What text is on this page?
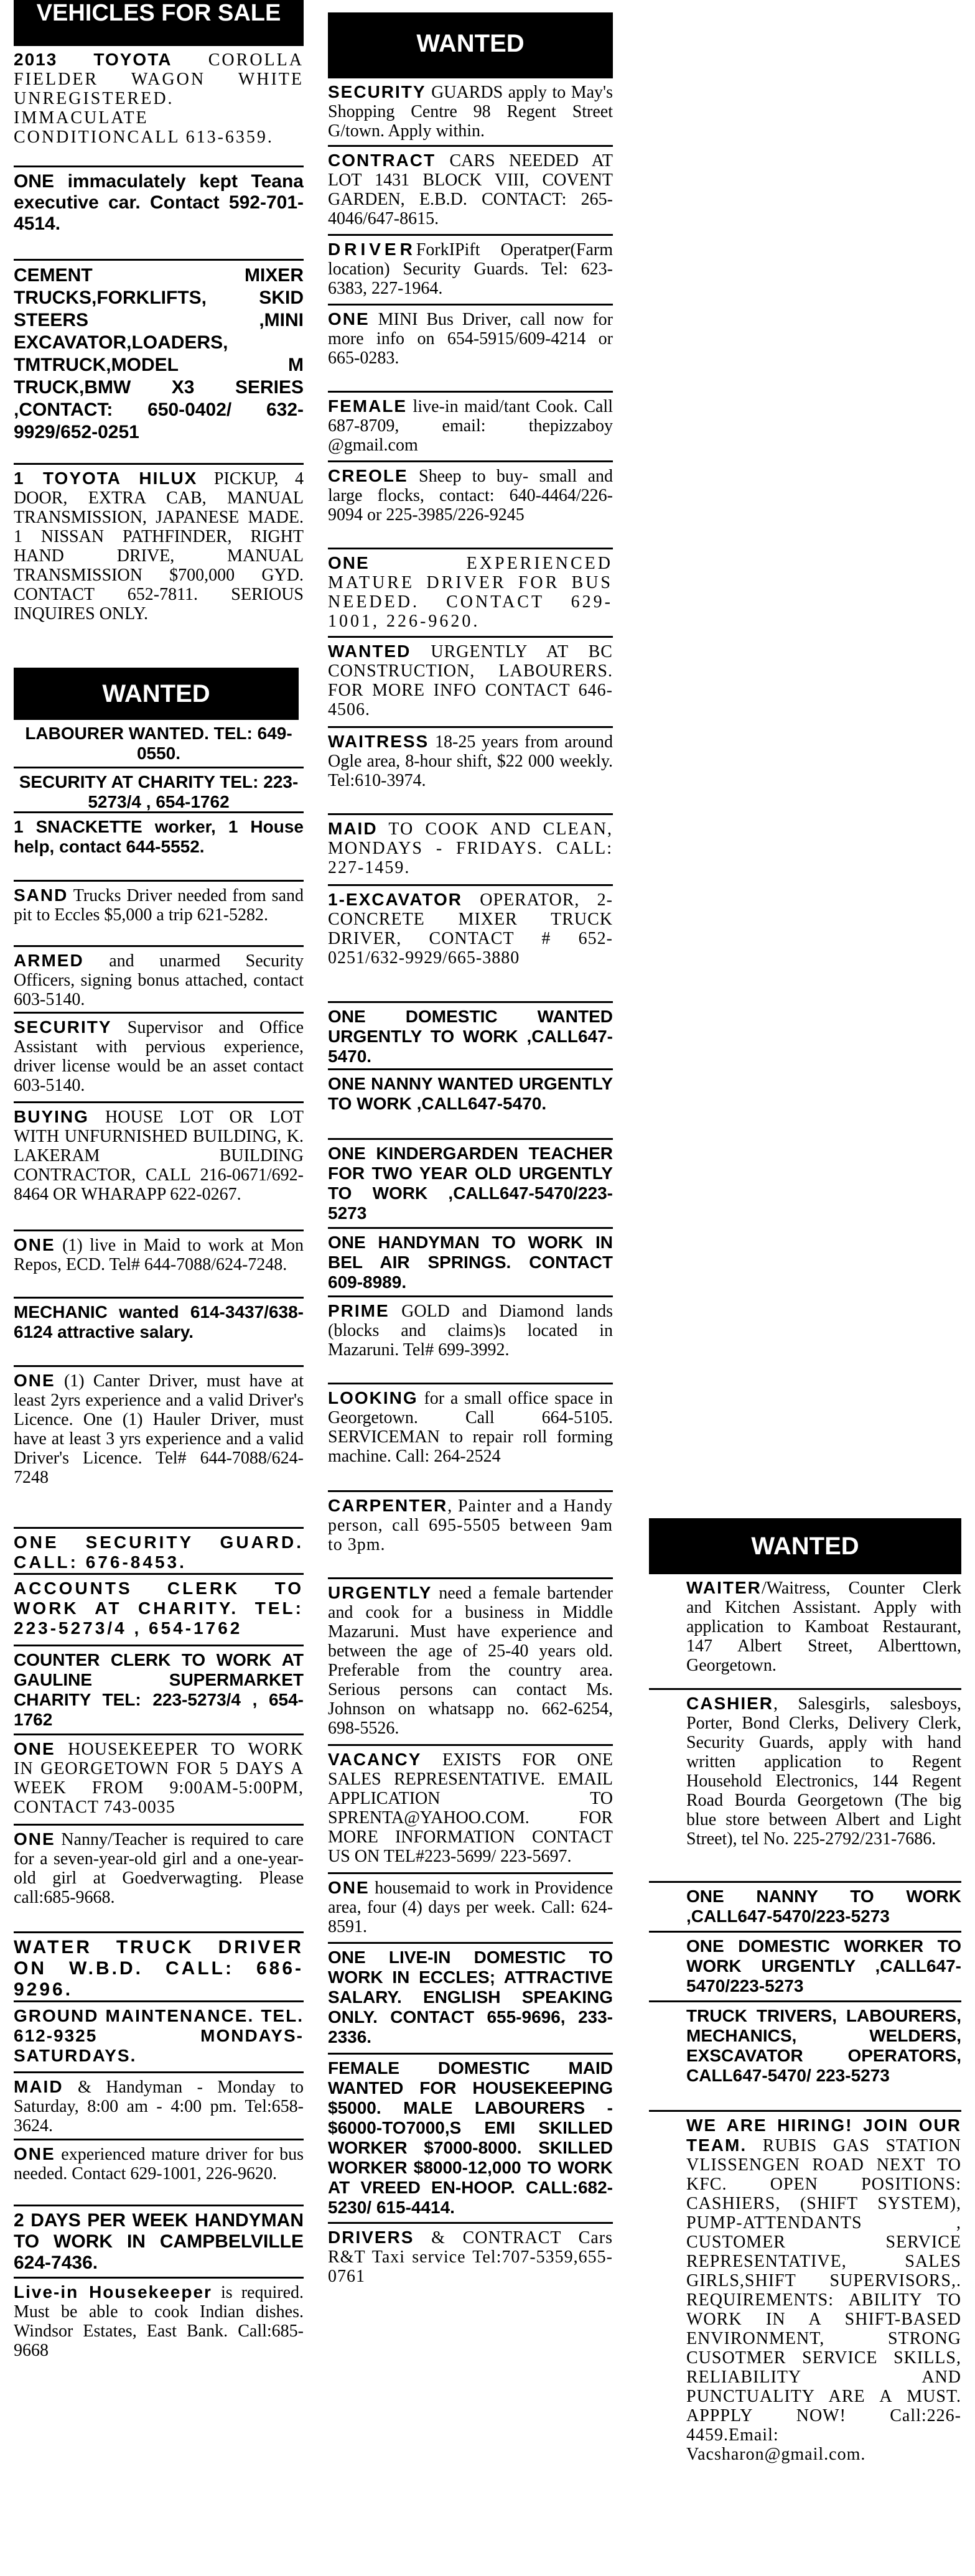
VEHICLES FOR SALE
2013 TOYOTA COROLLA FIELDER WAGON WHITE UNREGISTERED. IMMACULATE CONDITIONCALL 613-6359.
ONE immaculately kept Teana executive car. Contact 592-701-4514.
CEMENT MIXER TRUCKS,FORKLIFTS, SKID STEERS ,MINI EXCAVATOR,LOADERS, TMTRUCK,MODEL M TRUCK,BMW X3 SERIES ,CONTACT: 650-0402/ 632-9929/652-0251
1 TOYOTA HILUX PICKUP, 4 DOOR, EXTRA CAB, MANUAL TRANSMISSION, JAPANESE MADE. 1 NISSAN PATHFINDER, RIGHT HAND DRIVE, MANUAL TRANSMISSION $700,000 GYD. CONTACT 652-7811. SERIOUS INQUIRES ONLY.
WANTED
LABOURER WANTED. TEL: 649-0550.
SECURITY AT CHARITY TEL: 223-5273/4 , 654-1762
1 SNACKETTE worker, 1 House help, contact 644-5552.
SAND Trucks Driver needed from sand pit to Eccles $5,000 a trip 621-5282.
ARMED and unarmed Security Officers, signing bonus attached, contact 603-5140.
SECURITY Supervisor and Office Assistant with pervious experience, driver license would be an asset contact 603-5140.
BUYING HOUSE LOT OR LOT WITH UNFURNISHED BUILDING, K. LAKERAM BUILDING CONTRACTOR, CALL 216-0671/692-8464 OR WHARAPP 622-0267.
ONE (1) live in Maid to work at Mon Repos, ECD. Tel# 644-7088/624-7248.
MECHANIC wanted 614-3437/638-6124 attractive salary.
ONE (1) Canter Driver, must have at least 2yrs experience and a valid Driver's Licence. One (1) Hauler Driver, must have at least 3 yrs experience and a valid Driver's Licence. Tel# 644-7088/624-7248
ONE SECURITY GUARD. CALL: 676-8453.
ACCOUNTS CLERK TO WORK AT CHARITY. TEL: 223-5273/4 , 654-1762
COUNTER CLERK TO WORK AT GAULINE SUPERMARKET CHARITY TEL: 223-5273/4 , 654-1762
ONE HOUSEKEEPER TO WORK IN GEORGETOWN FOR 5 DAYS A WEEK FROM 9:00AM-5:00PM, CONTACT 743-0035
ONE Nanny/Teacher is required to care for a seven-year-old girl and a one-year-old girl at Goedverwagting. Please call:685-9668.
WATER TRUCK DRIVER ON W.B.D. CALL: 686-9296.
GROUND MAINTENANCE. TEL. 612-9325 MONDAYS-SATURDAYS.
MAID & Handyman - Monday to Saturday, 8:00 am - 4:00 pm. Tel:658-3624.
ONE experienced mature driver for bus needed. Contact 629-1001, 226-9620.
2 DAYS PER WEEK HANDYMAN TO WORK IN CAMPBELVILLE 624-7436.
Live-in Housekeeper is required. Must be able to cook Indian dishes. Windsor Estates, East Bank. Call:685-9668
WANTED
SECURITY GUARDS apply to May's Shopping Centre 98 Regent Street G/town. Apply within.
CONTRACT CARS NEEDED AT LOT 1431 BLOCK VIII, COVENT GARDEN, E.B.D. CONTACT: 265-4046/647-8615.
DRIVERForkIPift Operatper(Farm location) Security Guards. Tel: 623-6383, 227-1964.
ONE MINI Bus Driver, call now for more info on 654-5915/609-4214 or 665-0283.
FEMALE live-in maid/tant Cook. Call 687-8709, email: thepizzaboy @gmail.com
CREOLE Sheep to buy- small and large flocks, contact: 640-4464/226-9094 or 225-3985/226-9245
ONE EXPERIENCED MATURE DRIVER FOR BUS NEEDED. CONTACT 629-1001, 226-9620.
WANTED URGENTLY AT BC CONSTRUCTION, LABOURERS. FOR MORE INFO CONTACT 646-4506.
WAITRESS 18-25 years from around Ogle area, 8-hour shift, $22 000 weekly. Tel:610-3974.
MAID TO COOK AND CLEAN, MONDAYS - FRIDAYS. CALL: 227-1459.
1-EXCAVATOR OPERATOR, 2- CONCRETE MIXER TRUCK DRIVER, CONTACT # 652-0251/632-9929/665-3880
ONE DOMESTIC WANTED URGENTLY TO WORK ,CALL647-5470.
ONE NANNY WANTED URGENTLY TO WORK ,CALL647-5470.
ONE KINDERGARDEN TEACHER FOR TWO YEAR OLD URGENTLY TO WORK ,CALL647-5470/223-5273
ONE HANDYMAN TO WORK IN BEL AIR SPRINGS. CONTACT 609-8989.
PRIME GOLD and Diamond lands (blocks and claims)s located in Mazaruni. Tel# 699-3992.
LOOKING for a small office space in Georgetown. Call 664-5105. SERVICEMAN to repair roll forming machine. Call: 264-2524
CARPENTER, Painter and a Handy person, call 695-5505 between 9am to 3pm.
URGENTLY need a female bartender and cook for a business in Middle Mazaruni. Must have experience and between the age of 25-40 years old. Preferable from the country area. Serious persons can contact Ms. Johnson on whatsapp no. 662-6254, 698-5526.
VACANCY EXISTS FOR ONE SALES REPRESENTATIVE. EMAIL APPLICATION TO SPRENTA@YAHOO.COM. FOR MORE INFORMATION CONTACT US ON TEL#223-5699/ 223-5697.
ONE housemaid to work in Providence area, four (4) days per week. Call: 624-8591.
ONE LIVE-IN DOMESTIC TO WORK IN ECCLES; ATTRACTIVE SALARY. ENGLISH SPEAKING ONLY. CONTACT 655-9696, 233-2336.
FEMALE DOMESTIC MAID WANTED FOR HOUSEKEEPING $5000. MALE LABOURERS - $6000-TO7000,S EMI SKILLED WORKER $7000-8000. SKILLED WORKER $8000-12,000 TO WORK AT VREED EN-HOOP. CALL:682-5230/ 615-4414.
DRIVERS & CONTRACT Cars R&T Taxi service Tel:707-5359,655-0761
WANTED
WAITER/Waitress, Counter Clerk and Kitchen Assistant. Apply with application to Kamboat Restaurant, 147 Albert Street, Alberttown, Georgetown.
CASHIER, Salesgirls, salesboys, Porter, Bond Clerks, Delivery Clerk, Security Guards, apply with hand written application to Regent Household Electronics, 144 Regent Road Bourda Georgetown (The big blue store between Albert and Light Street), tel No. 225-2792/231-7686.
ONE NANNY TO WORK ,CALL647-5470/223-5273
ONE DOMESTIC WORKER TO WORK URGENTLY ,CALL647-5470/223-5273
TRUCK TRIVERS, LABOURERS, MECHANICS, WELDERS, EXSCAVATOR OPERATORS, CALL647-5470/ 223-5273
WE ARE HIRING! JOIN OUR TEAM. RUBIS GAS STATION VLISSENGEN ROAD NEXT TO KFC. OPEN POSITIONS: CASHIERS, (SHIFT SYSTEM), PUMP-ATTENDANTS , CUSTOMER SERVICE REPRESENTATIVE, SALES GIRLS,SHIFT SUPERVISORS,. REQUIREMENTS: ABILITY TO WORK IN A SHIFT-BASED ENVIRONMENT, STRONG CUSOTMER SERVICE SKILLS, RELIABILITY AND PUNCTUALITY ARE A MUST. APPPLY NOW! Call:226-4459.Email: Vacsharon@gmail.com.
